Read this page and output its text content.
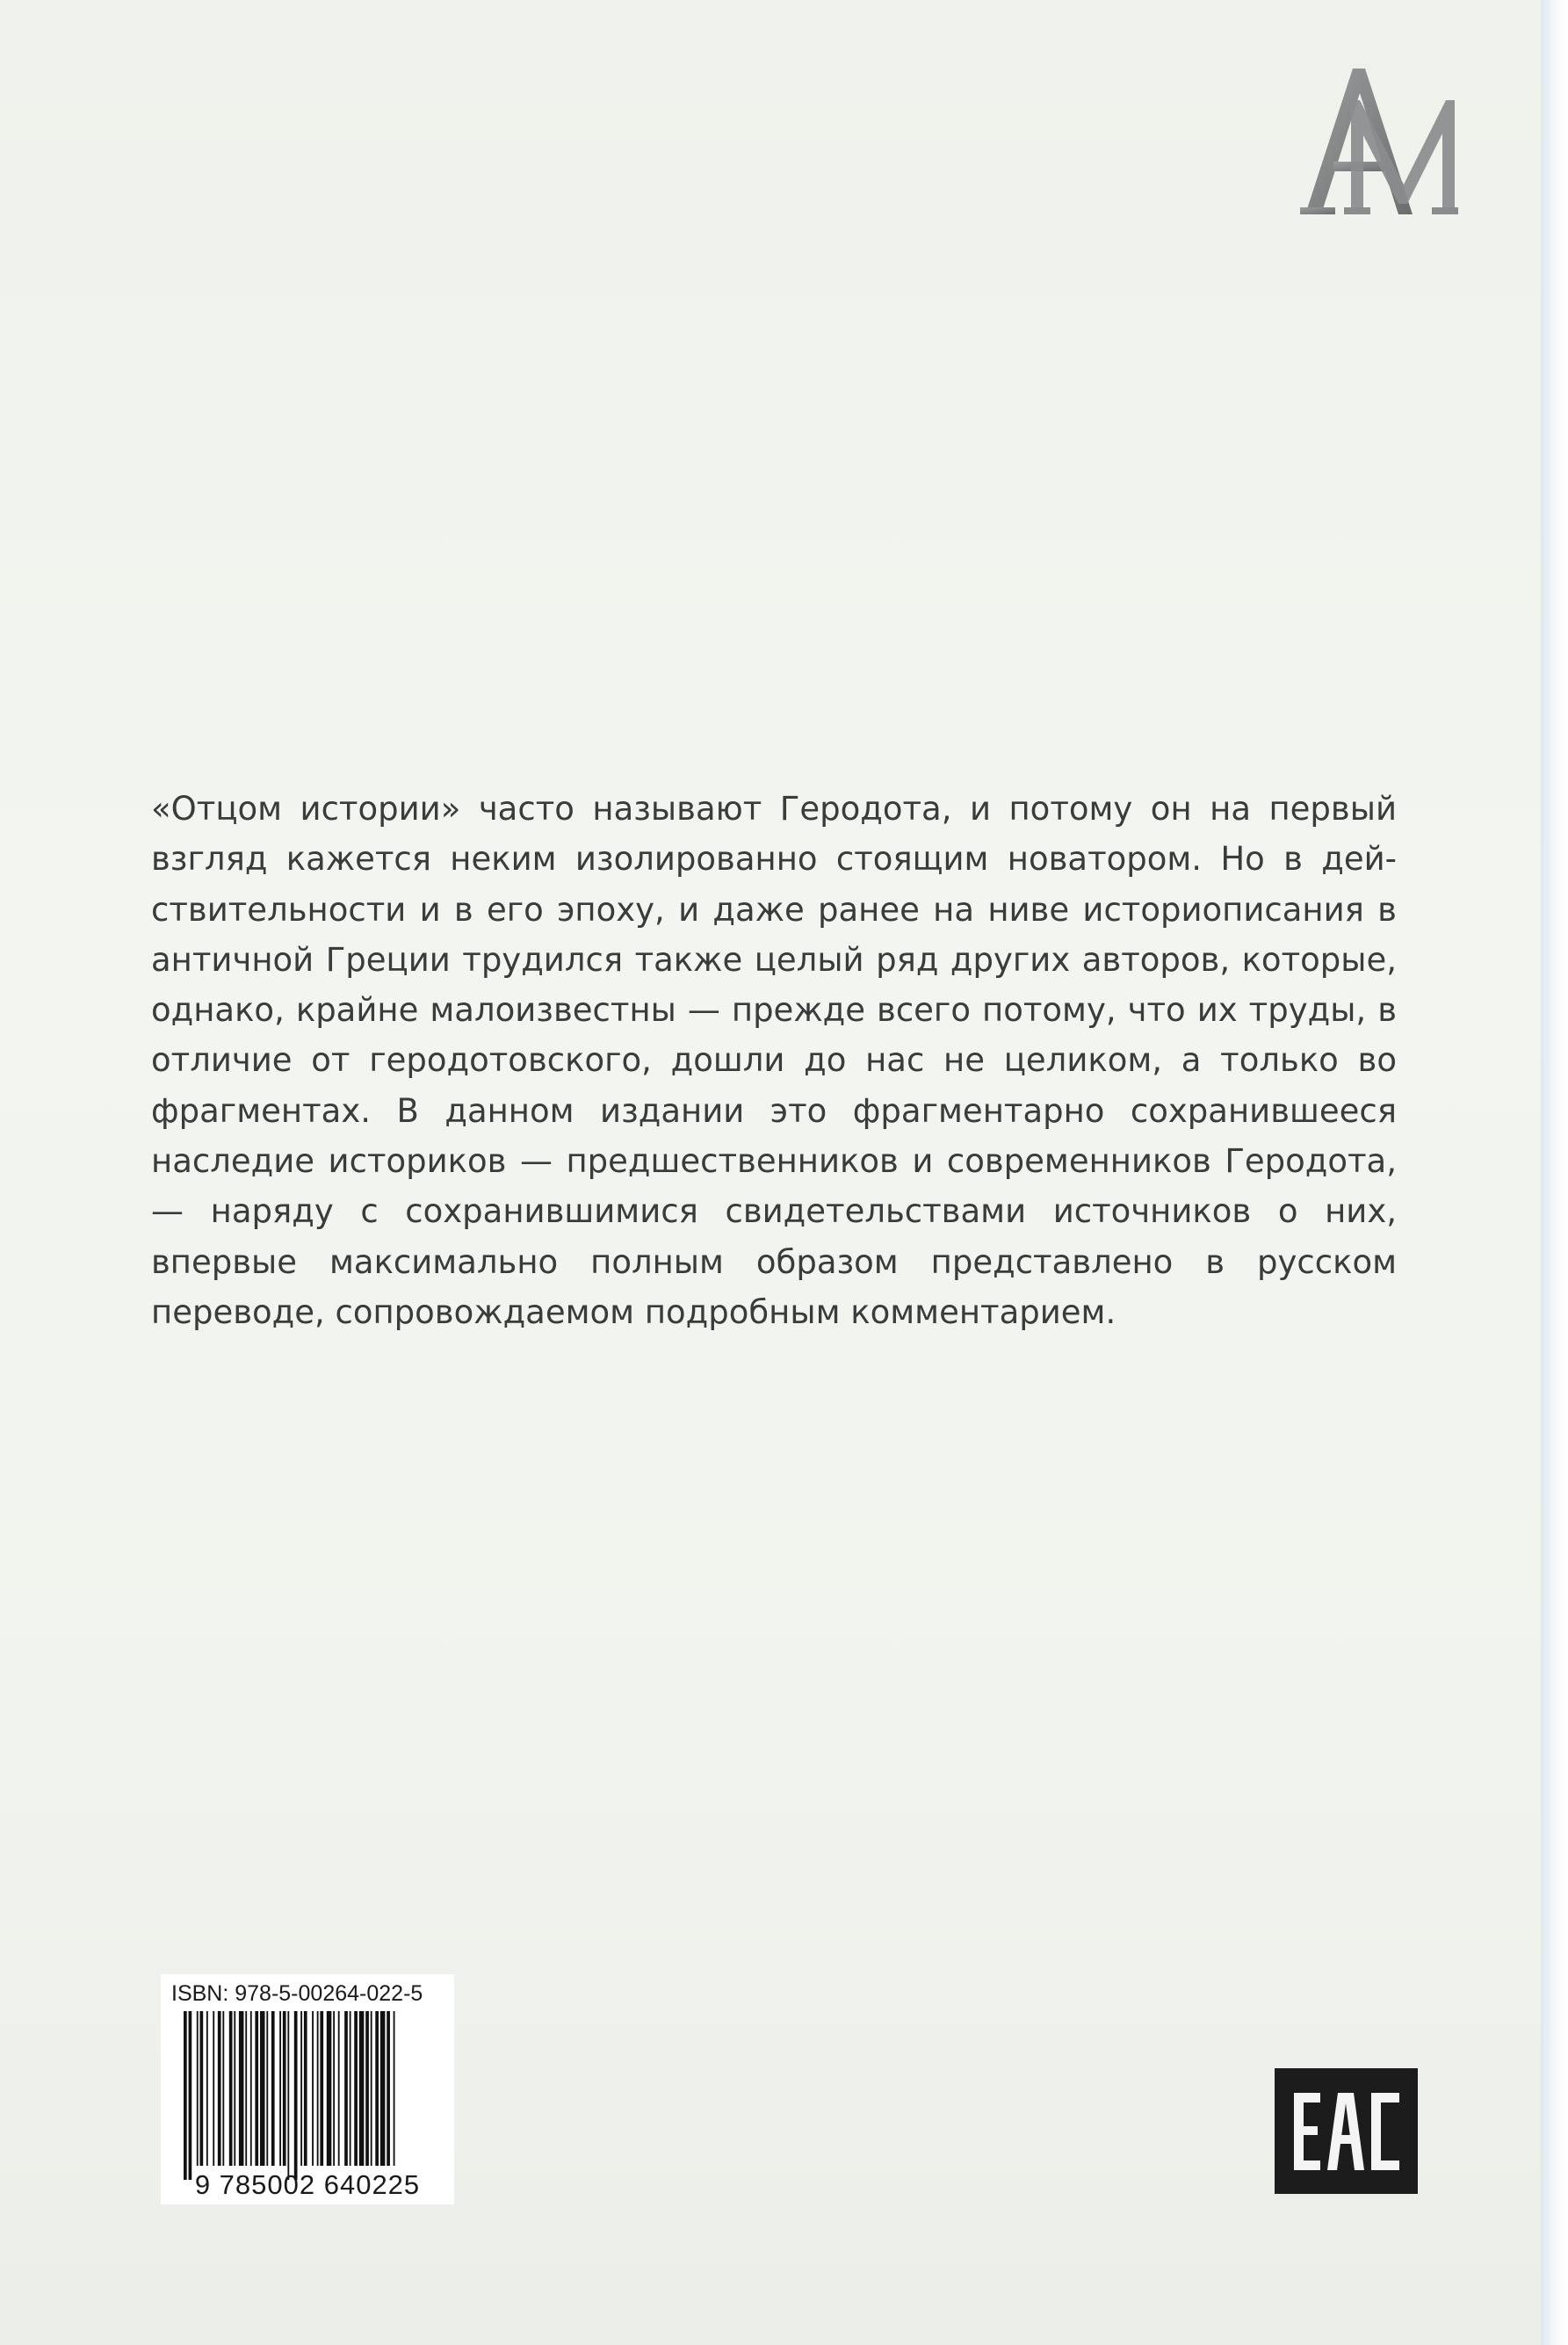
«Отцом истории» часто называют Геродота, и потому он на первый взгляд кажется неким изолированно стоящим новатором. Но в действительности и в его эпоху, и даже ранее на ниве историописания в античной Греции трудился также целый ряд других авторов, которые, однако, крайне малоизвестны — прежде всего потому, что их труды, в отличие от геродотовского, дошли до нас не целиком, а только во фрагментах. В данном издании это фрагментарно сохранившееся наследие историков — предшественников и современников Геродота, — наряду с сохранившимися свидетельствами источников о них, впервые максимально полным образом представлено в русском переводе, сопровождаемом подробным комментарием.

ISBN: 978-5-00264-022-5
9 785002 640225
